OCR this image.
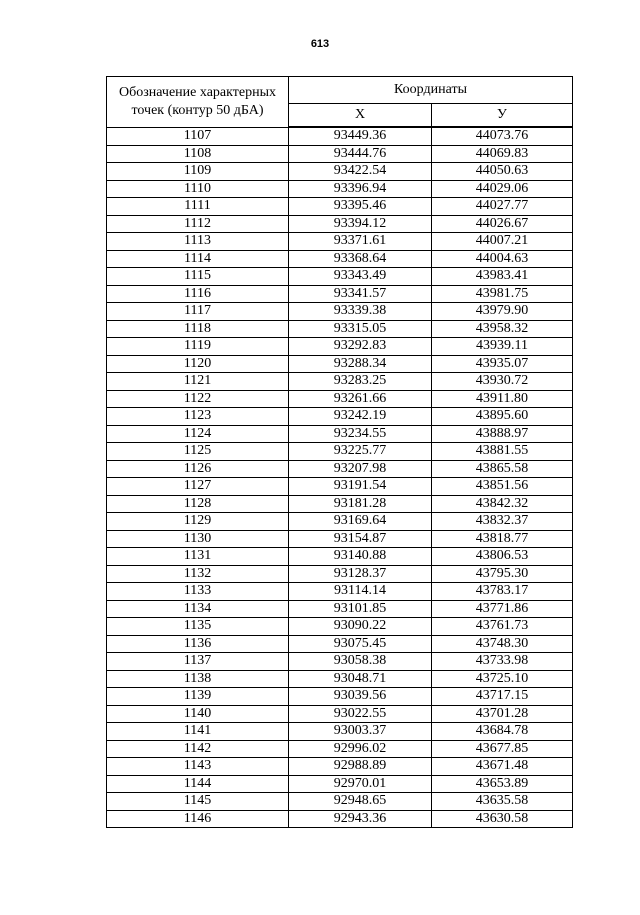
613
Обозначение характерных точек (контур 50 дБА)	Координаты	
	X	У
1107	93449.36	44073.76
1108	93444.76	44069.83
1109	93422.54	44050.63
1110	93396.94	44029.06
1111	93395.46	44027.77
1112	93394.12	44026.67
1113	93371.61	44007.21
1114	93368.64	44004.63
1115	93343.49	43983.41
1116	93341.57	43981.75
1117	93339.38	43979.90
1118	93315.05	43958.32
1119	93292.83	43939.11
1120	93288.34	43935.07
1121	93283.25	43930.72
1122	93261.66	43911.80
1123	93242.19	43895.60
1124	93234.55	43888.97
1125	93225.77	43881.55
1126	93207.98	43865.58
1127	93191.54	43851.56
1128	93181.28	43842.32
1129	93169.64	43832.37
1130	93154.87	43818.77
1131	93140.88	43806.53
1132	93128.37	43795.30
1133	93114.14	43783.17
1134	93101.85	43771.86
1135	93090.22	43761.73
1136	93075.45	43748.30
1137	93058.38	43733.98
1138	93048.71	43725.10
1139	93039.56	43717.15
1140	93022.55	43701.28
1141	93003.37	43684.78
1142	92996.02	43677.85
1143	92988.89	43671.48
1144	92970.01	43653.89
1145	92948.65	43635.58
1146	92943.36	43630.58
